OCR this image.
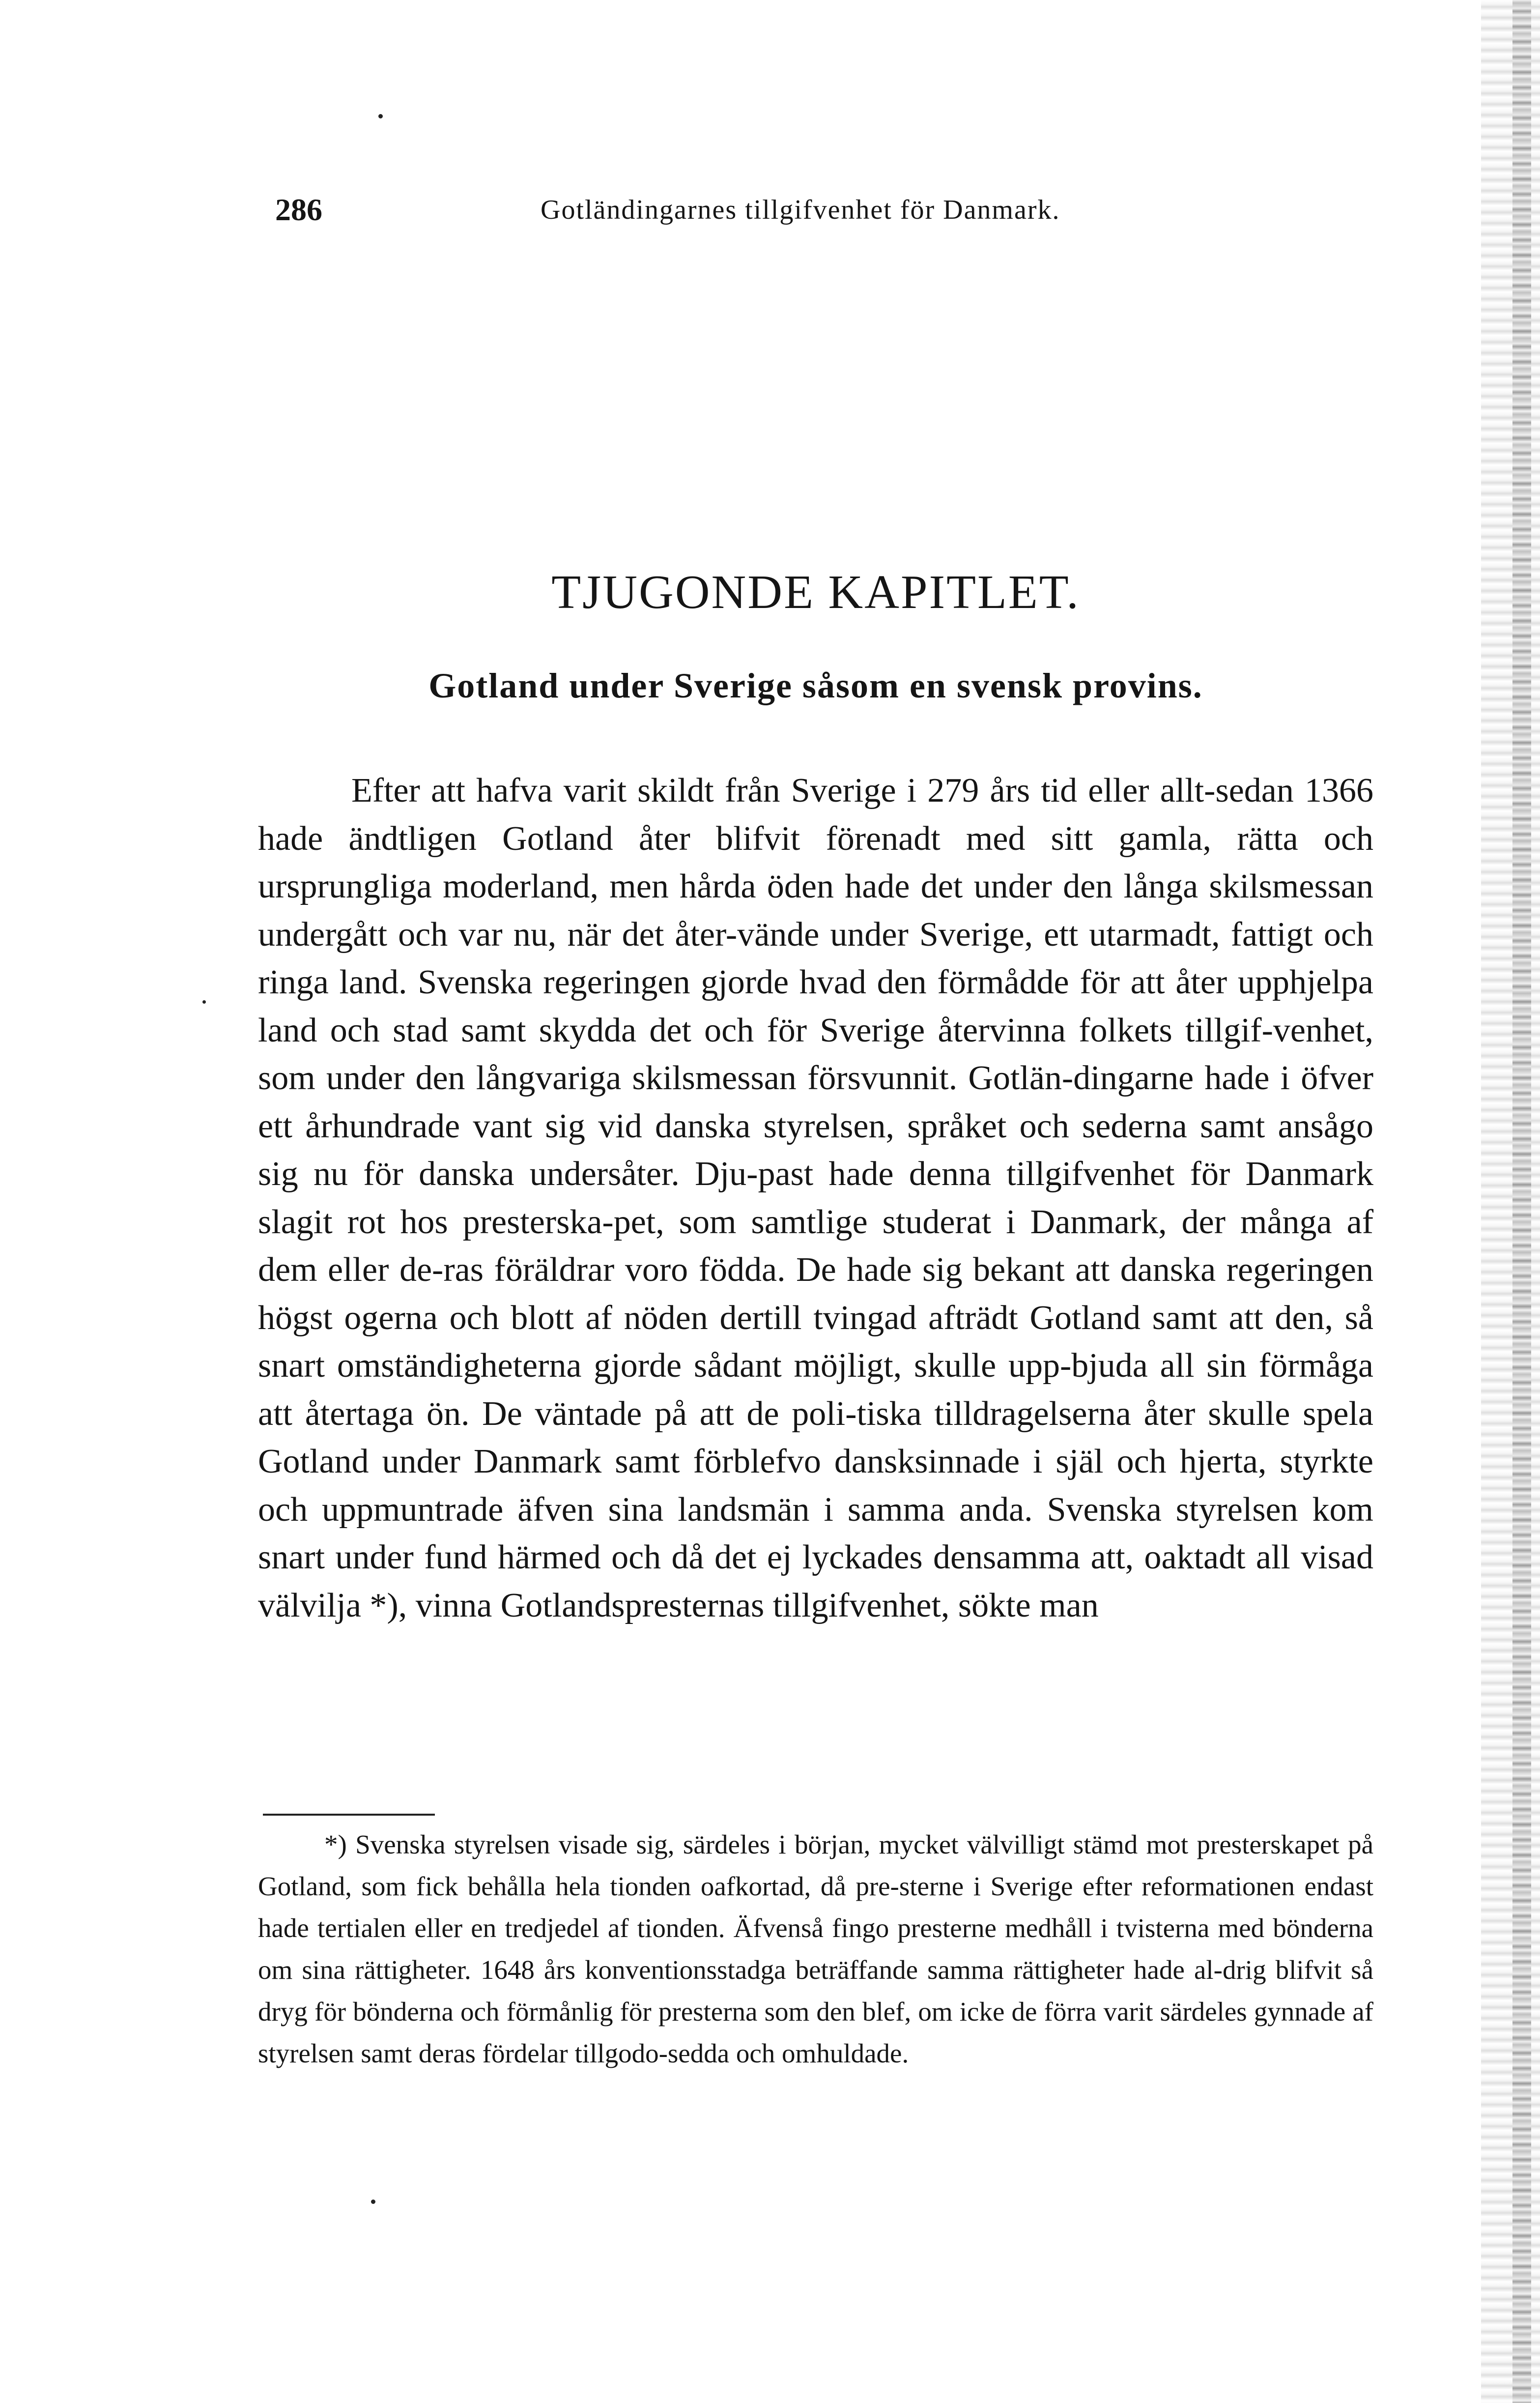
286	Gotländingarnes tillgifvenhet för Danmark.
TJUGONDE KAPITLET.
Gotland under Sverige såsom en svensk provins.

Efter att hafva varit skildt från Sverige i 279 års tid eller allt-sedan 1366 hade ändtligen Gotland åter blifvit förenadt med sitt gamla, rätta och ursprungliga moderland, men hårda öden hade det under den långa skilsmessan undergått och var nu, när det åter-vände under Sverige, ett utarmadt, fattigt och ringa land. Svenska regeringen gjorde hvad den förmådde för att åter upphjelpa land och stad samt skydda det och för Sverige återvinna folkets tillgif-venhet, som under den långvariga skilsmessan försvunnit. Gotlän-dingarne hade i öfver ett århundrade vant sig vid danska styrelsen, språket och sederna samt ansågo sig nu för danska undersåter. Dju-past hade denna tillgifvenhet för Danmark slagit rot hos presterska-pet, som samtlige studerat i Danmark, der många af dem eller de-ras föräldrar voro födda. De hade sig bekant att danska regeringen högst ogerna och blott af nöden dertill tvingad afträdt Gotland samt att den, så snart omständigheterna gjorde sådant möjligt, skulle upp-bjuda all sin förmåga att återtaga ön. De väntade på att de poli-tiska tilldragelserna åter skulle spela Gotland under Danmark samt förblefvo dansksinnade i själ och hjerta, styrkte och uppmuntrade äfven sina landsmän i samma anda. Svenska styrelsen kom snart under fund härmed och då det ej lyckades densamma att, oaktadt all visad välvilja *), vinna Gotlandspresternas tillgifvenhet, sökte man

*) Svenska styrelsen visade sig, särdeles i början, mycket välvilligt stämd mot presterskapet på Gotland, som fick behålla hela tionden oafkortad, då pre-sterne i Sverige efter reformationen endast hade tertialen eller en tredjedel af tionden. Äfvenså fingo presterne medhåll i tvisterna med bönderna om sina rättigheter. 1648 års konventionsstadga beträffande samma rättigheter hade al-drig blifvit så dryg för bönderna och förmånlig för presterna som den blef, om icke de förra varit särdeles gynnade af styrelsen samt deras fördelar tillgodo-sedda och omhuldade.
